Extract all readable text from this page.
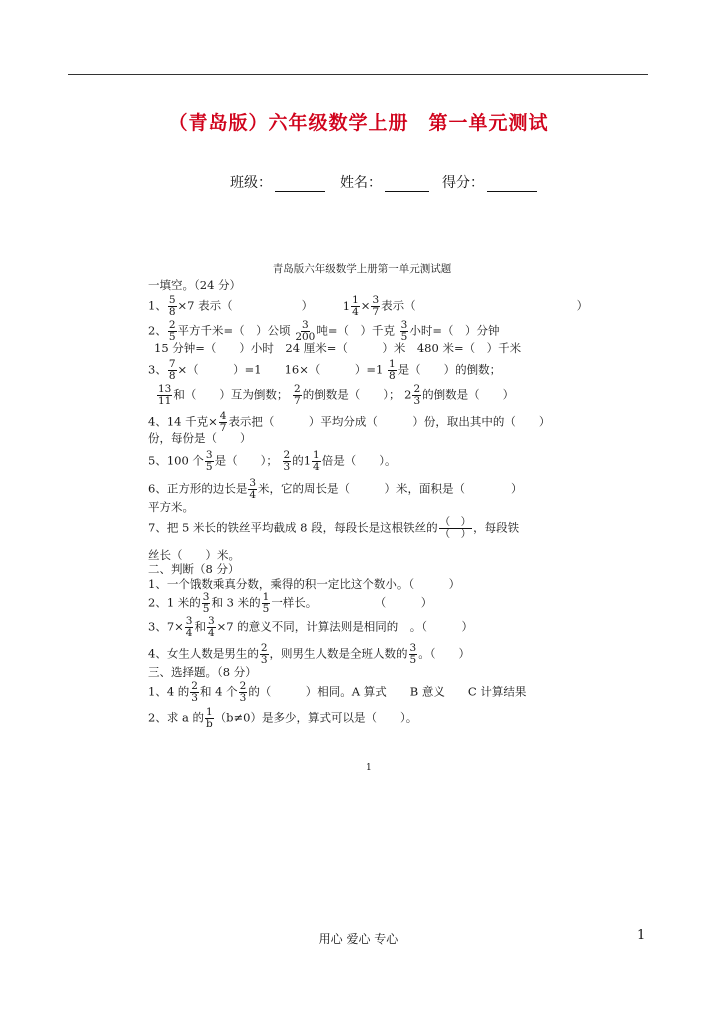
（青岛版）六年级数学上册　第一单元测试
班级：	姓名：	得分：
青岛版六年级数学上册第一单元测试题
一填空。（24 分）
1、 $\frac{5}{8} \times 7$ 表示（　　　　　　）	$1 \frac{1}{4} \times \frac{3}{7}$ 表示（　　　　　　　　　　　　　　）
2、 $\frac{2}{5}$ 平方千米=（　）公顷 $\frac{3}{200}$ 吨=（　）千克 $\frac{3}{5}$ 小时=（　）分钟
15 分钟=（　　）小时　24 厘米=（　　　）米　480 米=（　）千米
3、 $\frac{7}{8}$ ×（　　　）=1　　16×（　　　）$=1 \frac{1}{8}$ 是（　　）的倒数；
$\frac{13}{11}$ 和（　　）互为倒数； $\frac{2}{7}$ 的倒数是（　　）； $2 \frac{2}{3}$ 的倒数是（　　）
4、14 千克× $\frac{4}{7}$ 表示把（　　　）平均分成（　　　）份，取出其中的（　　）
份，每份是（　　）
5、100 个 $\frac{3}{5}$ 是（　　）； $\frac{2}{3}$ 的$1 \frac{1}{4}$ 倍是（　　）。
6、正方形的边长是 $\frac{3}{4}$ 米，它的周长是（　　　）米，面积是（　　　　）
平方米。
7、把 5 米长的铁丝平均截成 8 段，每段长是这根铁丝的 $\frac{( )}{( )}$ ，每段铁
丝长（　　）米。
二、判断（8 分）
1、一个饿数乘真分数，乘得的积一定比这个数小。（　　　）
2、1 米的 $\frac{3}{5}$ 和 3 米的 $\frac{1}{5}$ 一样长。　　　　　　（　　　）
3、$7\times \frac{3}{4}$ 和 $\frac{3}{4} \times 7$ 的意义不同，计算法则是相同的　。（　　　）
4、女生人数是男生的 $\frac{2}{3}$ ，则男生人数是全班人数的 $\frac{3}{5}$ 。（　　）
三、选择题。（8 分）
1、4 的 $\frac{2}{3}$ 和 4 个 $\frac{2}{3}$ 的（　　　）相同。A 算式　　B 意义　　C 计算结果
2、求 a 的 $\frac{1}{b} (b\ne 0)$是多少，算式可以是（　　）。
1
用心 爱心 专心	1
